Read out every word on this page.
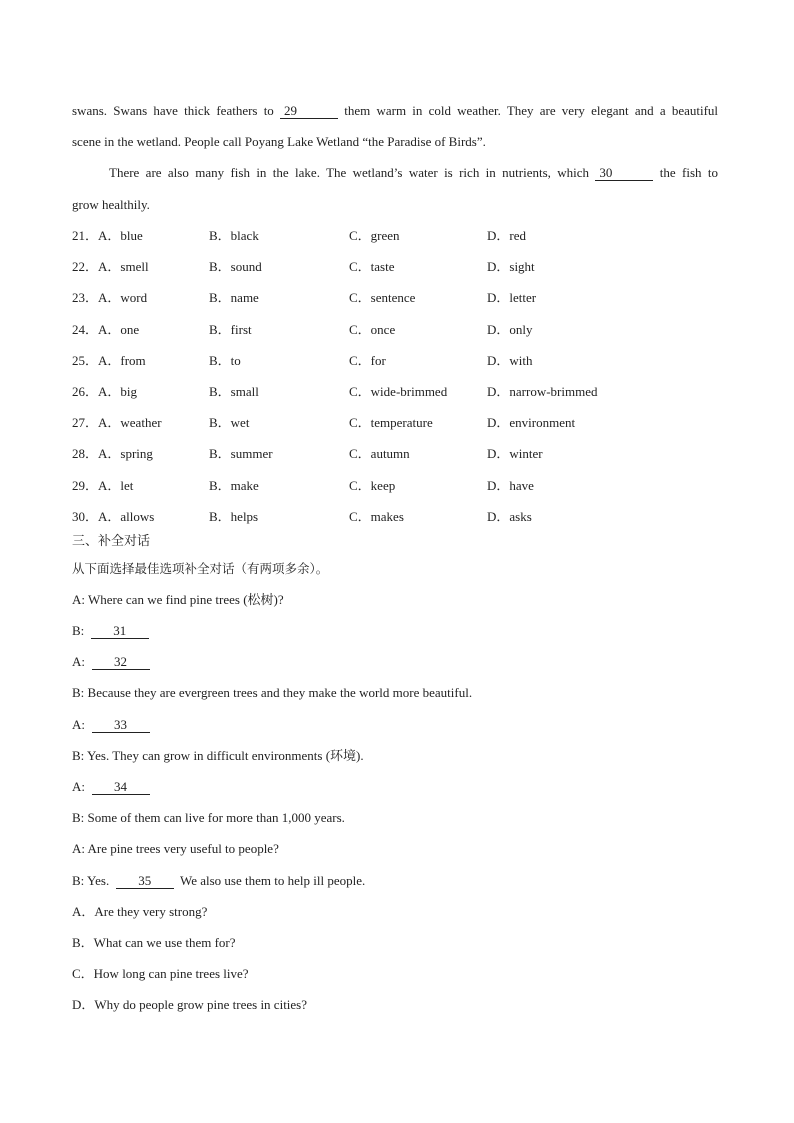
swans. Swans have thick feathers to 29	them warm in cold weather. They are very elegant and a beautiful
scene in the wetland. People call Poyang Lake Wetland “the Paradise of Birds”.
There are also many fish in the lake. The wetland’s water is rich in nutrients, which 30	the fish to
grow healthily.
21．A．blue	B．black	C．green	D．red
22．A．smell	B．sound	C．taste	D．sight
23．A．word	B．name	C．sentence	D．letter
24．A．one	B．first	C．once	D．only
25．A．from	B．to	C．for	D．with
26．A．big	B．small	C．wide-brimmed	D．narrow-brimmed
27．A．weather	B．wet	C．temperature	D．environment
28．A．spring	B．summer	C．autumn	D．winter
29．A．let	B．make	C．keep	D．have
30．A．allows	B．helps	C．makes	D．asks
三、补全对话
从下面选择最佳选项补全对话（有两项多余）。
A: Where can we find pine trees (松树)?
B: 31
A: 32
B: Because they are evergreen trees and they make the world more beautiful.
A: 33
B: Yes. They can grow in difficult environments (环境).
A: 34
B: Some of them can live for more than 1,000 years.
A: Are pine trees very useful to people?
B: Yes. 35 We also use them to help ill people.
A．Are they very strong?
B．What can we use them for?
C．How long can pine trees live?
D．Why do people grow pine trees in cities?
